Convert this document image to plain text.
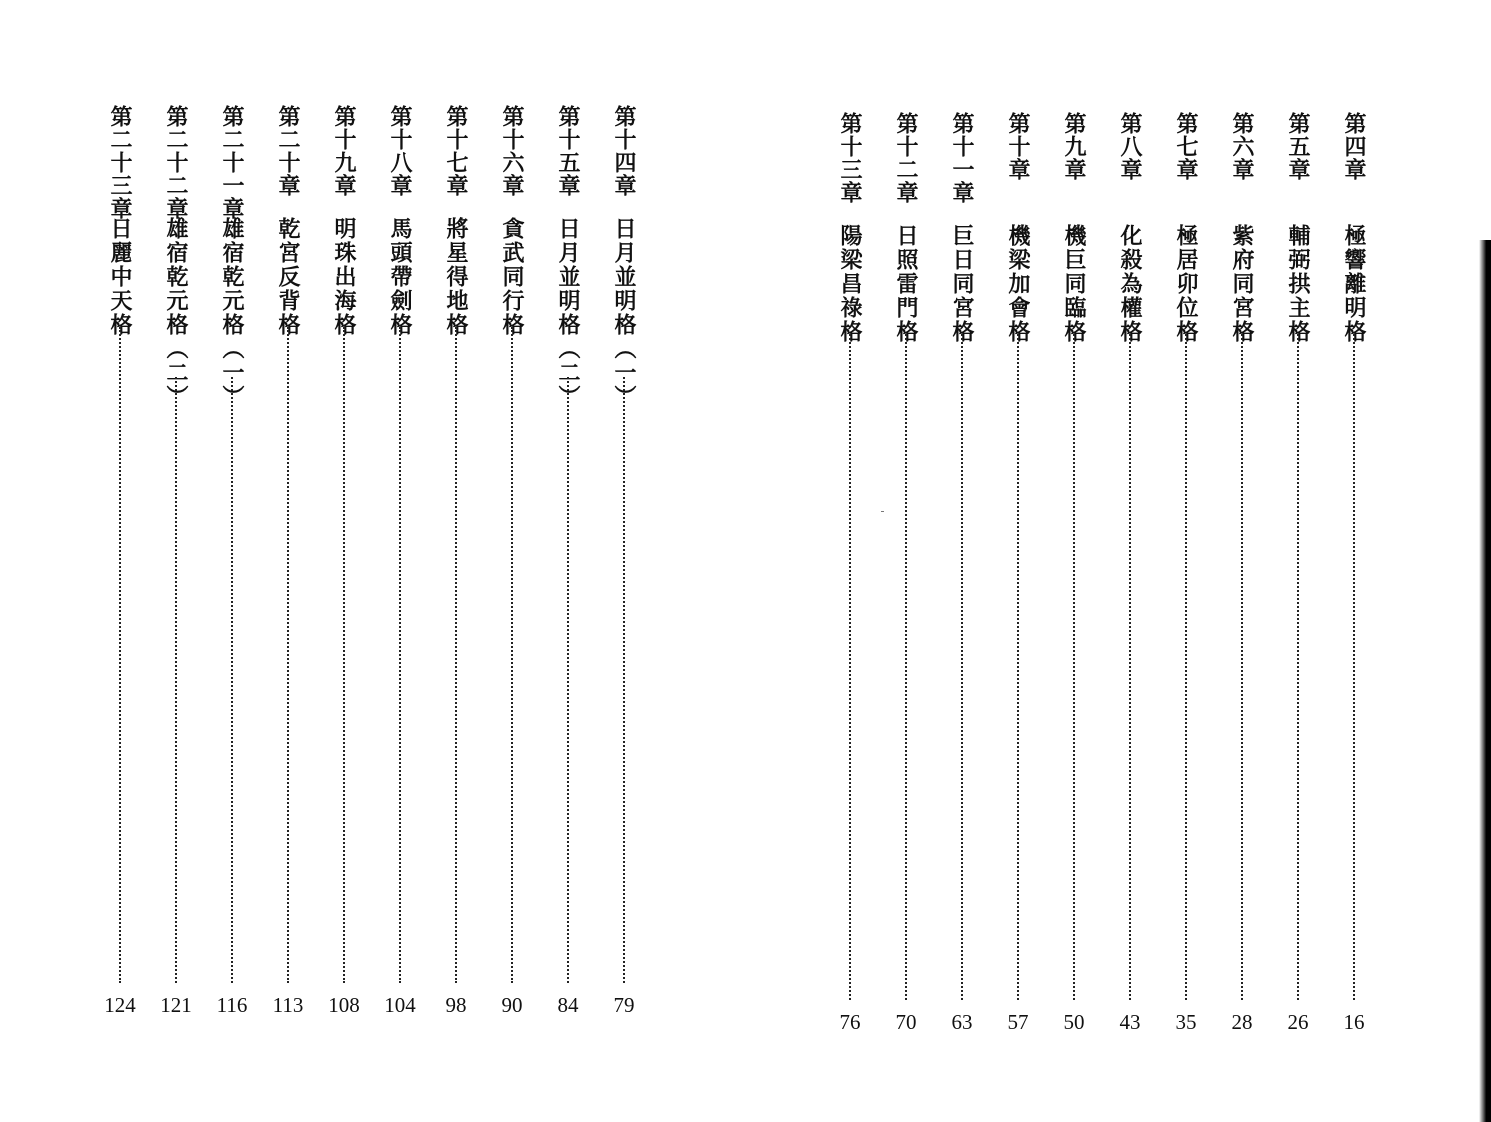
第二十三章
日麗中天格
124
第二十二章
雄宿乾元格（二）
121
第二十一章
雄宿乾元格（一）
116
第二十章
乾宮反背格
113
第十九章
明珠出海格
108
第十八章
馬頭帶劍格
104
第十七章
將星得地格
98
第十六章
貪武同行格
90
第十五章
日月並明格（二）
84
第十四章
日月並明格（一）
79
第十三章
陽梁昌祿格
76
第十二章
日照雷門格
70
第十一章
巨日同宮格
63
第十章
機梁加會格
57
第九章
機巨同臨格
50
第八章
化殺為權格
43
第七章
極居卯位格
35
第六章
紫府同宮格
28
第五章
輔弼拱主格
26
第四章
極響離明格
16
